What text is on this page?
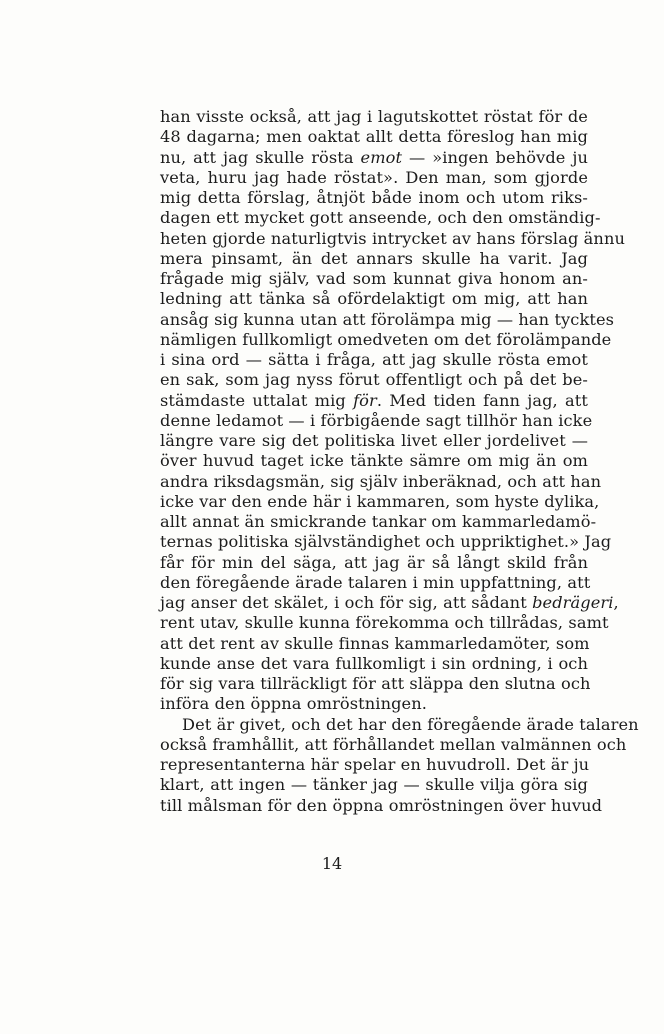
han visste också, att jag i lagutskottet röstat för de
48 dagarna; men oaktat allt detta föreslog han mig
nu, att jag skulle rösta emot — »ingen behövde ju
veta, huru jag hade röstat». Den man, som gjorde
mig detta förslag, åtnjöt både inom och utom riks-
dagen ett mycket gott anseende, och den omständig-
heten gjorde naturligtvis intrycket av hans förslag ännu
mera pinsamt, än det annars skulle ha varit. Jag
frågade mig själv, vad som kunnat giva honom an-
ledning att tänka så ofördelaktigt om mig, att han
ansåg sig kunna utan att förolämpa mig — han tycktes
nämligen fullkomligt omedveten om det förolämpande
i sina ord — sätta i fråga, att jag skulle rösta emot
en sak, som jag nyss förut offentligt och på det be-
stämdaste uttalat mig för. Med tiden fann jag, att
denne ledamot — i förbigående sagt tillhör han icke
längre vare sig det politiska livet eller jordelivet —
över huvud taget icke tänkte sämre om mig än om
andra riksdagsmän, sig själv inberäknad, och att han
icke var den ende här i kammaren, som hyste dylika,
allt annat än smickrande tankar om kammarledamö-
ternas politiska självständighet och uppriktighet.» Jag
får för min del säga, att jag är så långt skild från
den föregående ärade talaren i min uppfattning, att
jag anser det skälet, i och för sig, att sådant bedrägeri,
rent utav, skulle kunna förekomma och tillrådas, samt
att det rent av skulle finnas kammarledamöter, som
kunde anse det vara fullkomligt i sin ordning, i och
för sig vara tillräckligt för att släppa den slutna och
införa den öppna omröstningen.
Det är givet, och det har den föregående ärade talaren
också framhållit, att förhållandet mellan valmännen och
representanterna här spelar en huvudroll. Det är ju
klart, att ingen — tänker jag — skulle vilja göra sig
till målsman för den öppna omröstningen över huvud
14
